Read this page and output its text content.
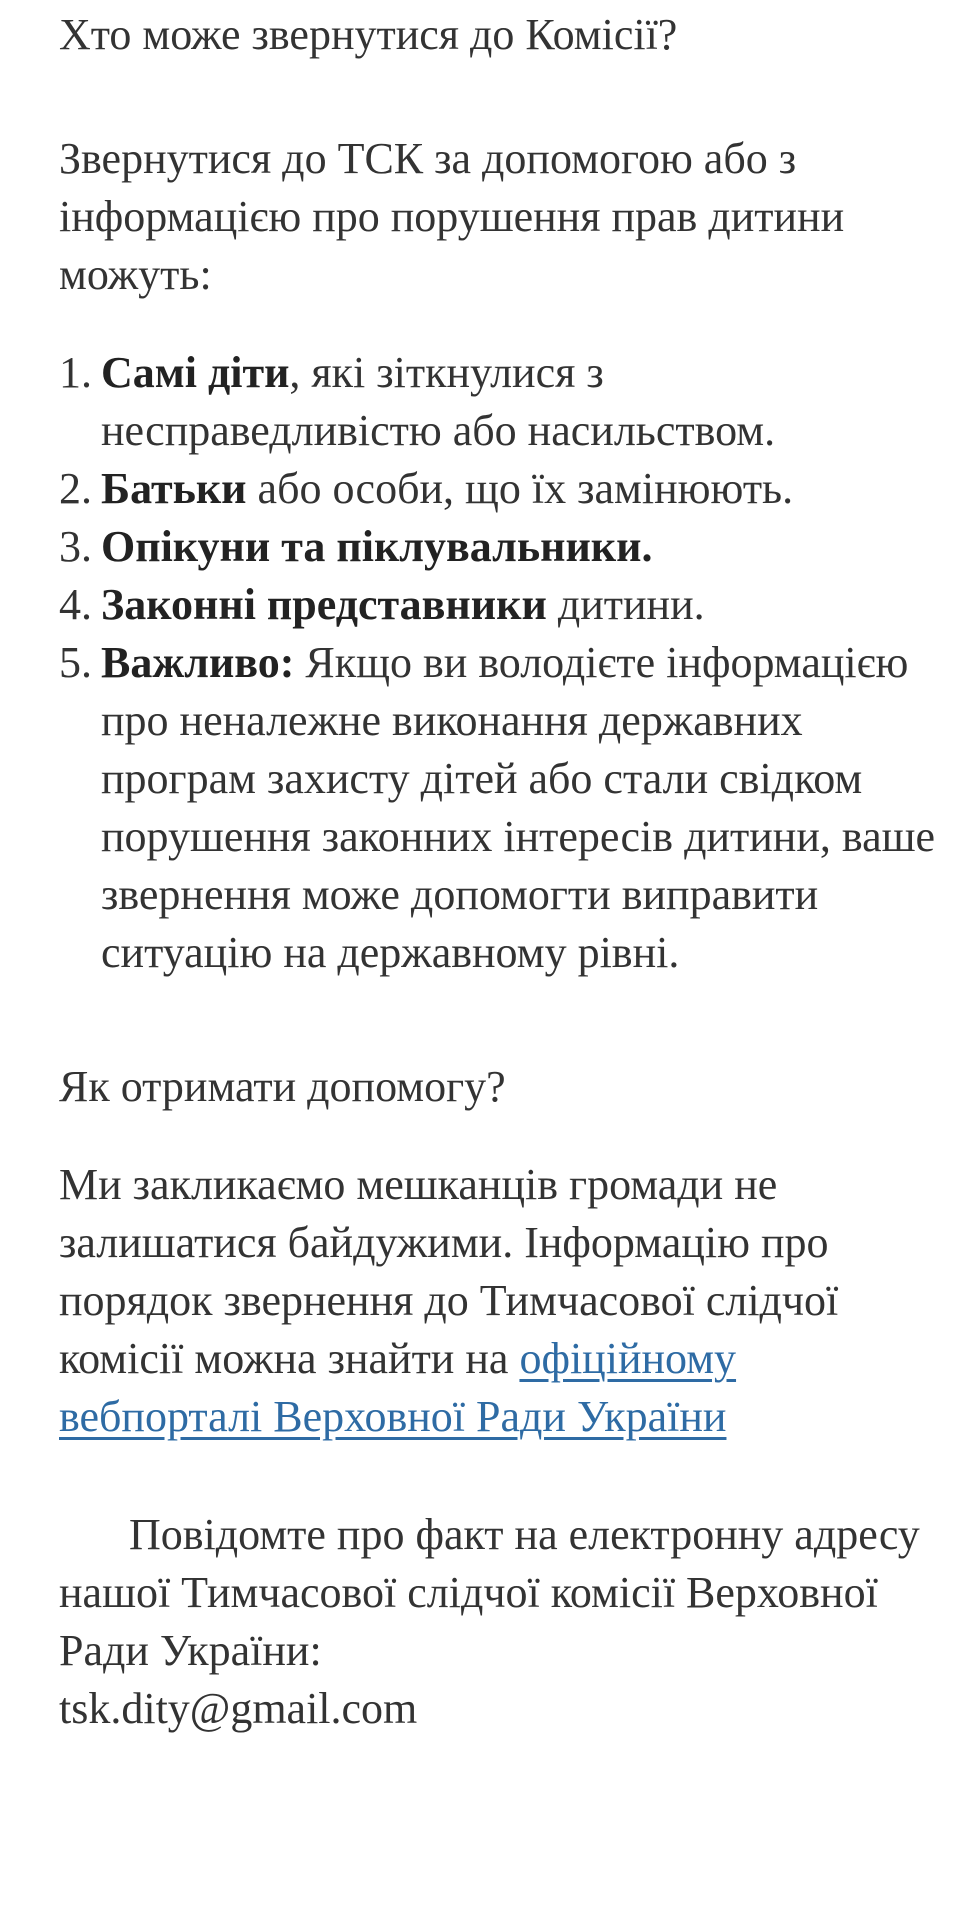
Хто може звернутися до Комісії?

Звернутися до ТСК за допомогою або з інформацією про порушення прав дитини можуть:

1. Самі діти, які зіткнулися з несправедливістю або насильством.
2. Батьки або особи, що їх замінюють.
3. Опікуни та піклувальники.
4. Законні представники дитини.
5. Важливо: Якщо ви володієте інформацією про неналежне виконання державних програм захисту дітей або стали свідком порушення законних інтересів дитини, ваше звернення може допомогти виправити ситуацію на державному рівні.

Як отримати допомогу?

Ми закликаємо мешканців громади не залишатися байдужими. Інформацію про порядок звернення до Тимчасової слідчої комісії можна знайти на офіційному вебпорталі Верховної Ради України

Повідомте про факт на електронну адресу нашої Тимчасової слідчої комісії Верховної Ради України:
tsk.dity@gmail.com
